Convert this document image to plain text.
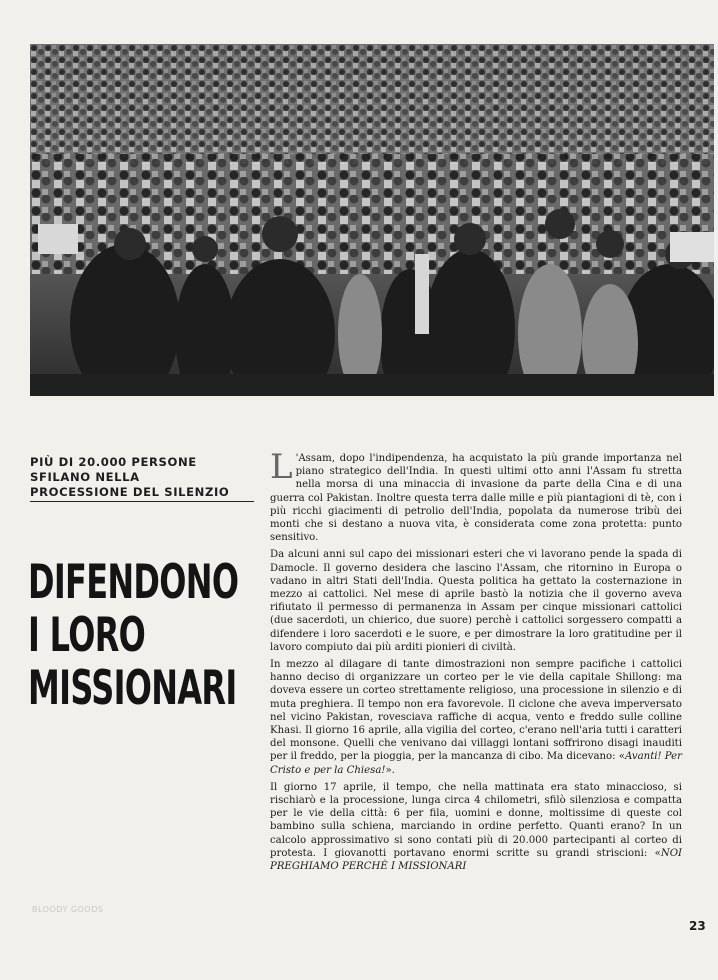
PIÙ DI 20.000 PERSONE
SFILANO NELLA
PROCESSIONE DEL SILENZIO
DIFENDONO
I LORO
MISSIONARI
BLOODY GOODS

L 'Assam, dopo l'indipendenza, ha acquistato la più grande importanza nel piano strategico dell'India. In questi ultimi otto anni l'Assam fu stretta nella morsa di una minaccia di invasione da parte della Cina e di una guerra col Pakistan. Inoltre questa terra dalle mille e più piantagioni di tè, con i più ricchi giacimenti di petrolio dell'India, popolata da numerose tribù dei monti che si destano a nuova vita, è considerata come zona protetta: punto sensitivo.

Da alcuni anni sul capo dei missionari esteri che vi lavorano pende la spada di Damocle. Il governo desidera che lascino l'Assam, che ritornino in Europa o vadano in altri Stati dell'India. Questa politica ha gettato la costernazione in mezzo ai cattolici. Nel mese di aprile bastò la notizia che il governo aveva rifiutato il permesso di permanenza in Assam per cinque missionari cattolici (due sacerdoti, un chierico, due suore) perchè i cattolici sorgessero compatti a difendere i loro sacerdoti e le suore, e per dimostrare la loro gratitudine per il lavoro compiuto dai più arditi pionieri di civiltà.

In mezzo al dilagare di tante dimostrazioni non sempre pacifiche i cattolici hanno deciso di organizzare un corteo per le vie della capitale Shillong: ma doveva essere un corteo strettamente religioso, una processione in silenzio e di muta preghiera. Il tempo non era favorevole. Il ciclone che aveva imperversato nel vicino Pakistan, rovesciava raffiche di acqua, vento e freddo sulle colline Khasi. Il giorno 16 aprile, alla vigilia del corteo, c'erano nell'aria tutti i caratteri del monsone. Quelli che venivano dai villaggi lontani soffrirono disagi inauditi per il freddo, per la pioggia, per la mancanza di cibo. Ma dicevano: «Avanti! Per Cristo e per la Chiesa!».

Il giorno 17 aprile, il tempo, che nella mattinata era stato minaccioso, si rischiarò e la processione, lunga circa 4 chilometri, sfilò silenziosa e compatta per le vie della città: 6 per fila, uomini e donne, moltissime di queste col bambino sulla schiena, marciando in ordine perfetto. Quanti erano? In un calcolo approssimativo si sono contati più di 20.000 partecipanti al corteo di protesta. I giovanotti portavano enormi scritte su grandi striscioni: «NOI PREGHIAMO PERCHÈ I MISSIONARI

23
